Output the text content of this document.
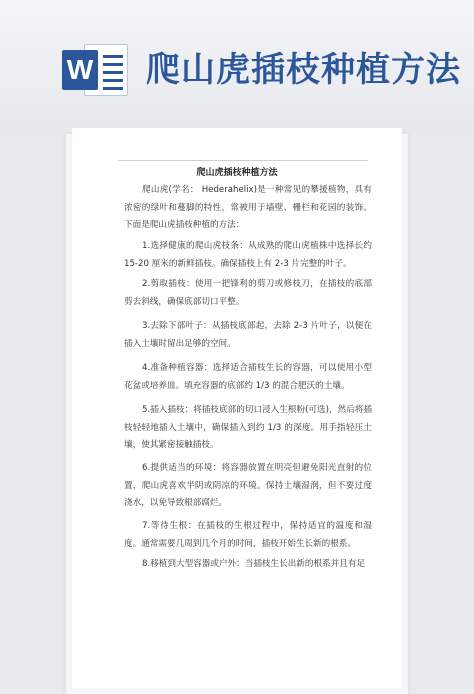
W 爬山虎插枝种植方法
爬山虎插枝种植方法
爬山虎(学名： Hederahelix)是一种常见的攀援植物，具有浓密的绿叶和蔓脚的特性，常被用于墙壁、栅栏和花园的装饰。下面是爬山虎插枝种植的方法：
1.选择健康的爬山虎枝条：从成熟的爬山虎植株中选择长约15-20 厘米的新鲜插枝。确保插枝上有 2-3 片完整的叶子。
2.剪取插枝：使用一把锋利的剪刀或修枝刀，在插枝的底部剪去斜线，确保底部切口平整。
3.去除下部叶子：从插枝底部起，去除 2-3 片叶子，以便在插入土壤时留出足够的空间。
4.准备种植容器：选择适合插枝生长的容器，可以使用小型花盆或培养皿。填充容器的底部约 1/3 的混合肥沃的土壤。
5.插入插枝：将插枝底部的切口浸入生根粉(可选)，然后将插枝轻轻地插入土壤中，确保插入到约 1/3 的深度。用手指轻压土壤，使其紧密接触插枝。
6.提供适当的环境：将容器放置在明亮但避免阳光直射的位置，爬山虎喜欢半阴或阴凉的环境。保持土壤湿润，但不要过度浇水，以免导致根部腐烂。
7.等待生根：在插枝的生根过程中，保持适宜的温度和湿度。通常需要几周到几个月的时间，插枝开始生长新的根系。
8.移植到大型容器或户外：当插枝生长出新的根系并且有足
